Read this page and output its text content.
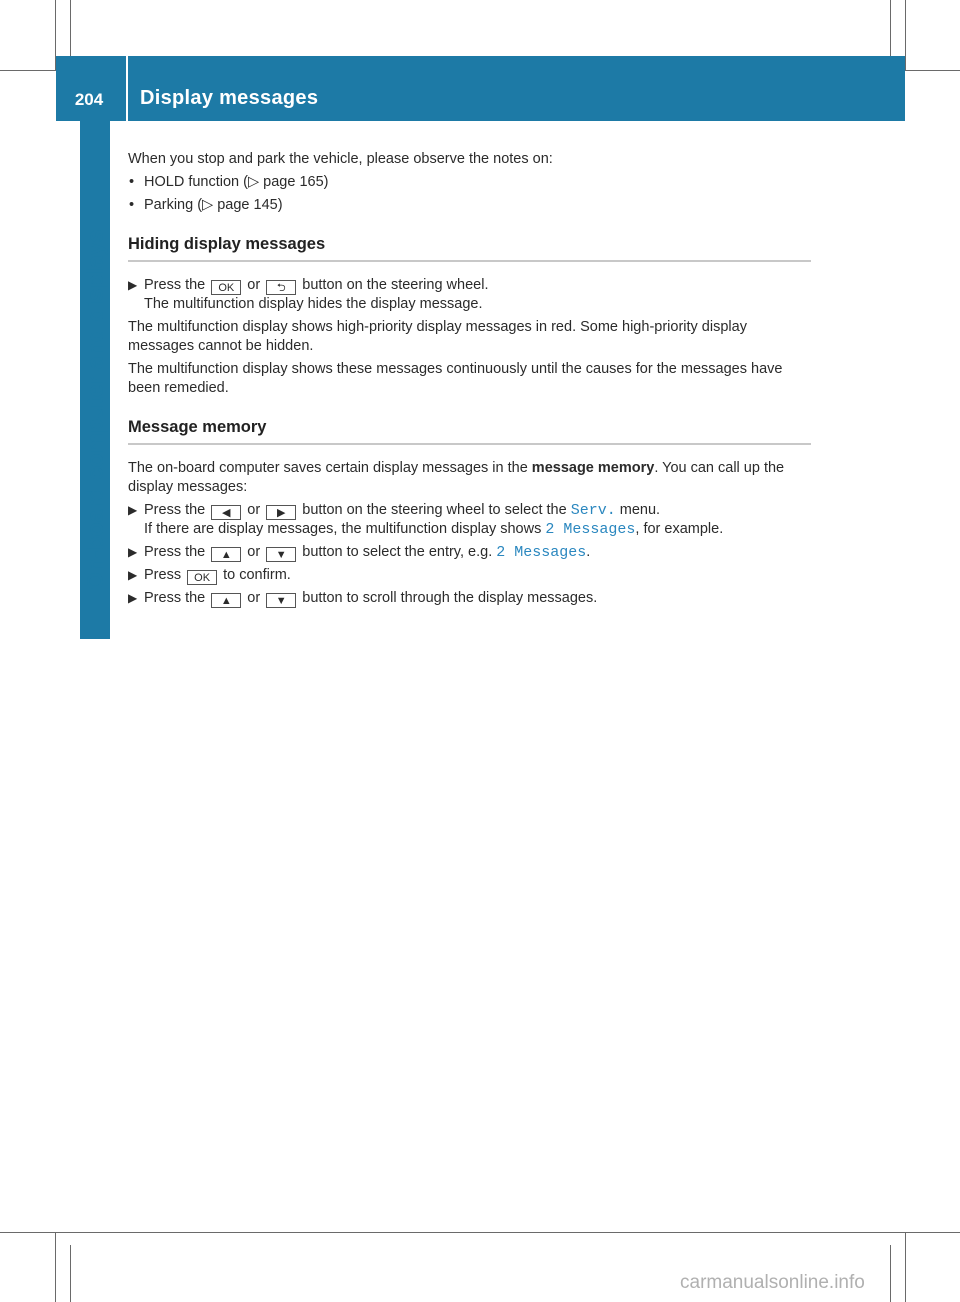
204	Display messages
On-board computer and displays

When you stop and park the vehicle, please observe the notes on:

• HOLD function (▷ page 165)
• Parking (▷ page 145)
Hiding display messages
▶ Press the OK or ⮌ button on the steering wheel.
The multifunction display hides the display message.

The multifunction display shows high-priority display messages in red. Some high-priority display messages cannot be hidden.

The multifunction display shows these messages continuously until the causes for the messages have been remedied.

Message memory

The on-board computer saves certain display messages in the message memory. You can call up the display messages:

▶ Press the ◀ or ▶ button on the steering wheel to select the Serv. menu.
If there are display messages, the multifunction display shows 2 Messages, for example.
▶ Press the ▲ or ▼ button to select the entry, e.g. 2 Messages.
▶ Press OK to confirm.
▶ Press the ▲ or ▼ button to scroll through the display messages.
carmanualsonline.info
